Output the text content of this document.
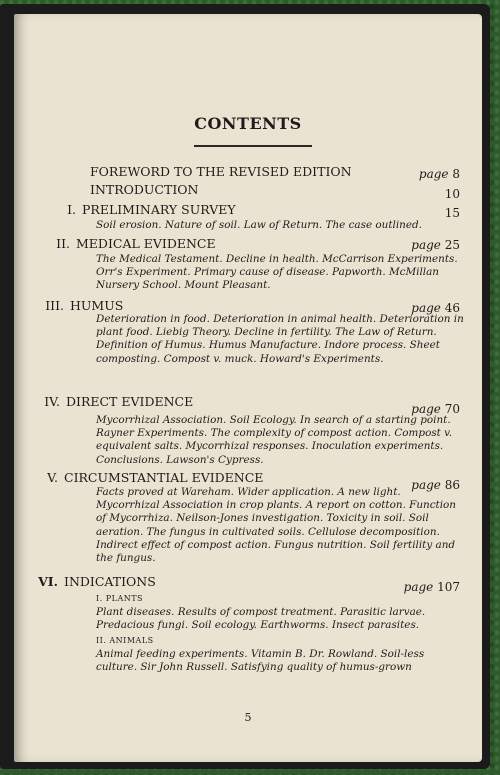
CONTENTS
FOREWORD TO THE REVISED EDITION	page 8
INTRODUCTION	10
I. PRELIMINARY SURVEY	15
Soil erosion. Nature of soil. Law of Return. The case outlined.
II. MEDICAL EVIDENCE	page 25
The Medical Testament. Decline in health. McCarrison Experiments. Orr's Experiment. Primary cause of disease. Papworth. McMillan Nursery School. Mount Pleasant.
III. HUMUS	page 46
Deterioration in food. Deterioration in animal health. Deterioration in plant food. Liebig Theory. Decline in fertility. The Law of Return. Definition of Humus. Humus Manufacture. Indore process. Sheet composting. Compost v. muck. Howard's Experiments.
IV. DIRECT EVIDENCE	page 70
Mycorrhizal Association. Soil Ecology. In search of a starting point. Rayner Experiments. The complexity of compost action. Compost v. equivalent salts. Mycorrhizal responses. Inoculation experiments. Conclusions. Lawson's Cypress.
V. CIRCUMSTANTIAL EVIDENCE	page 86
Facts proved at Wareham. Wider application. A new light. Mycorrhizal Association in crop plants. A report on cotton. Function of Mycorrhiza. Neilson-Jones investigation. Toxicity in soil. Soil aeration. The fungus in cultivated soils. Cellulose decomposition. Indirect effect of compost action. Fungus nutrition. Soil fertility and the fungus.
VI. INDICATIONS	page 107
I. PLANTS
Plant diseases. Results of compost treatment. Parasitic larvae. Predacious fungi. Soil ecology. Earthworms. Insect parasites.
II. ANIMALS
Animal feeding experiments. Vitamin B. Dr. Rowland. Soil-less culture. Sir John Russell. Satisfying quality of humus-grown
5
